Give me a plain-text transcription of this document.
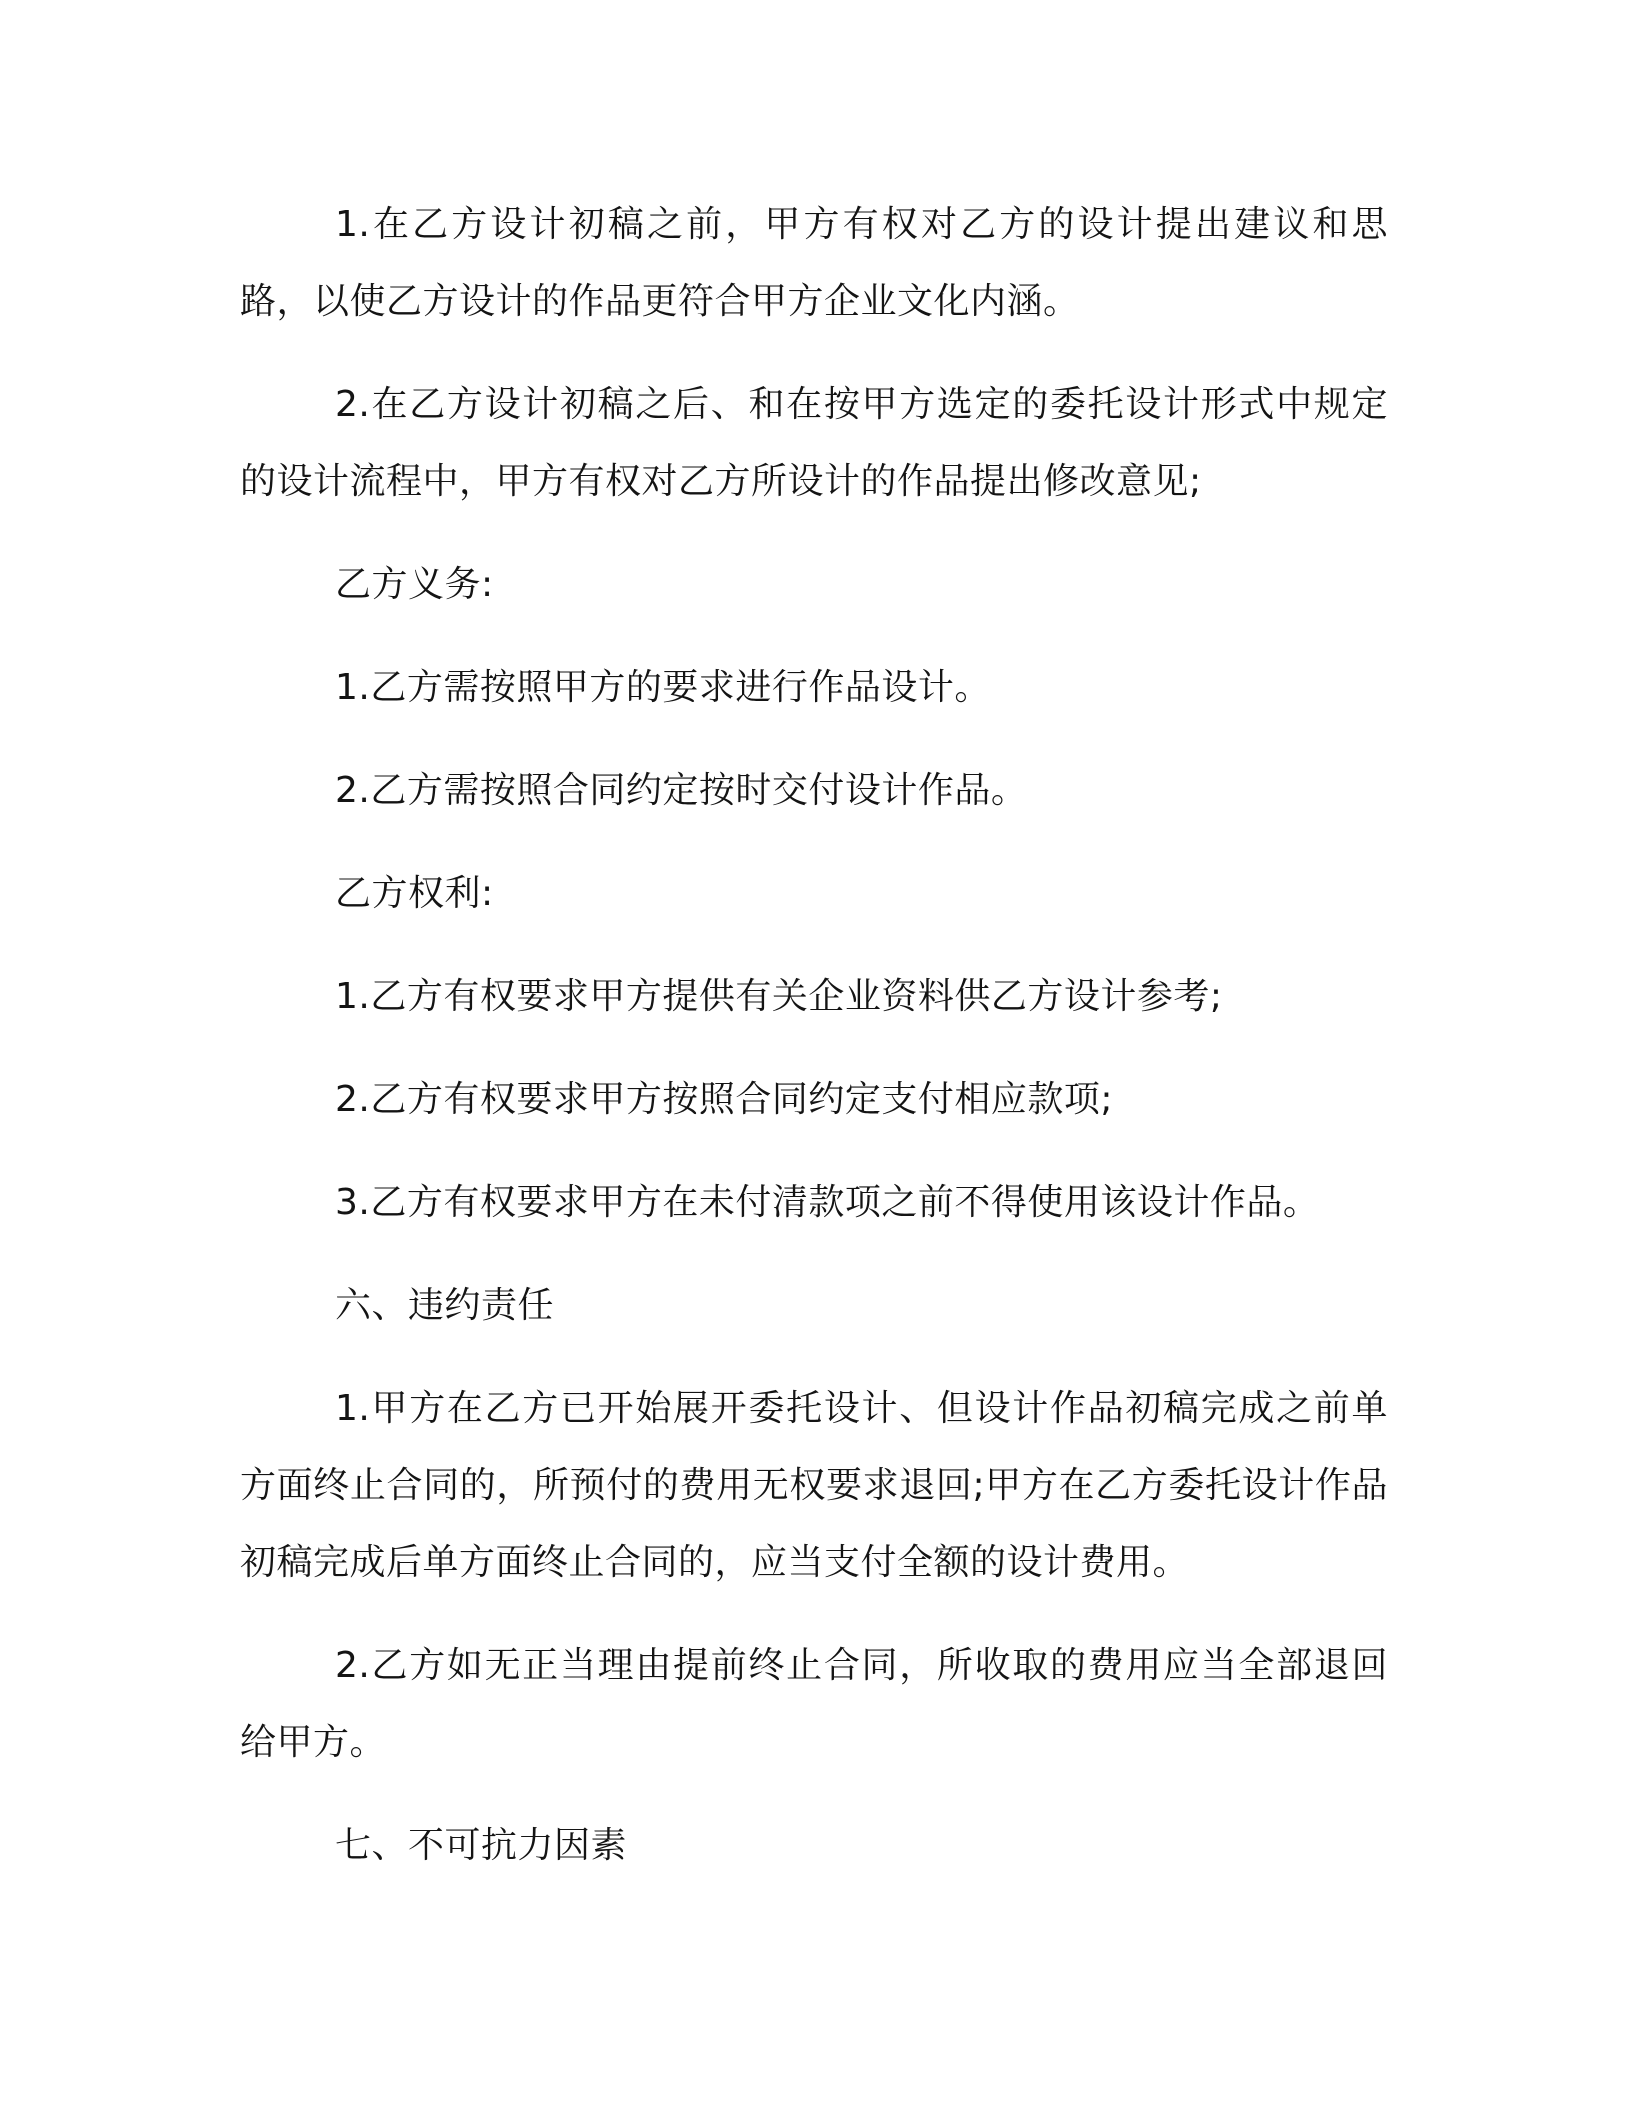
1.在乙方设计初稿之前，甲方有权对乙方的设计提出建议和思路，以使乙方设计的作品更符合甲方企业文化内涵。

2.在乙方设计初稿之后、和在按甲方选定的委托设计形式中规定的设计流程中，甲方有权对乙方所设计的作品提出修改意见;

乙方义务:

1.乙方需按照甲方的要求进行作品设计。

2.乙方需按照合同约定按时交付设计作品。

乙方权利:

1.乙方有权要求甲方提供有关企业资料供乙方设计参考;

2.乙方有权要求甲方按照合同约定支付相应款项;

3.乙方有权要求甲方在未付清款项之前不得使用该设计作品。

六、违约责任

1.甲方在乙方已开始展开委托设计、但设计作品初稿完成之前单方面终止合同的，所预付的费用无权要求退回;甲方在乙方委托设计作品初稿完成后单方面终止合同的，应当支付全额的设计费用。

2.乙方如无正当理由提前终止合同，所收取的费用应当全部退回给甲方。

七、不可抗力因素
